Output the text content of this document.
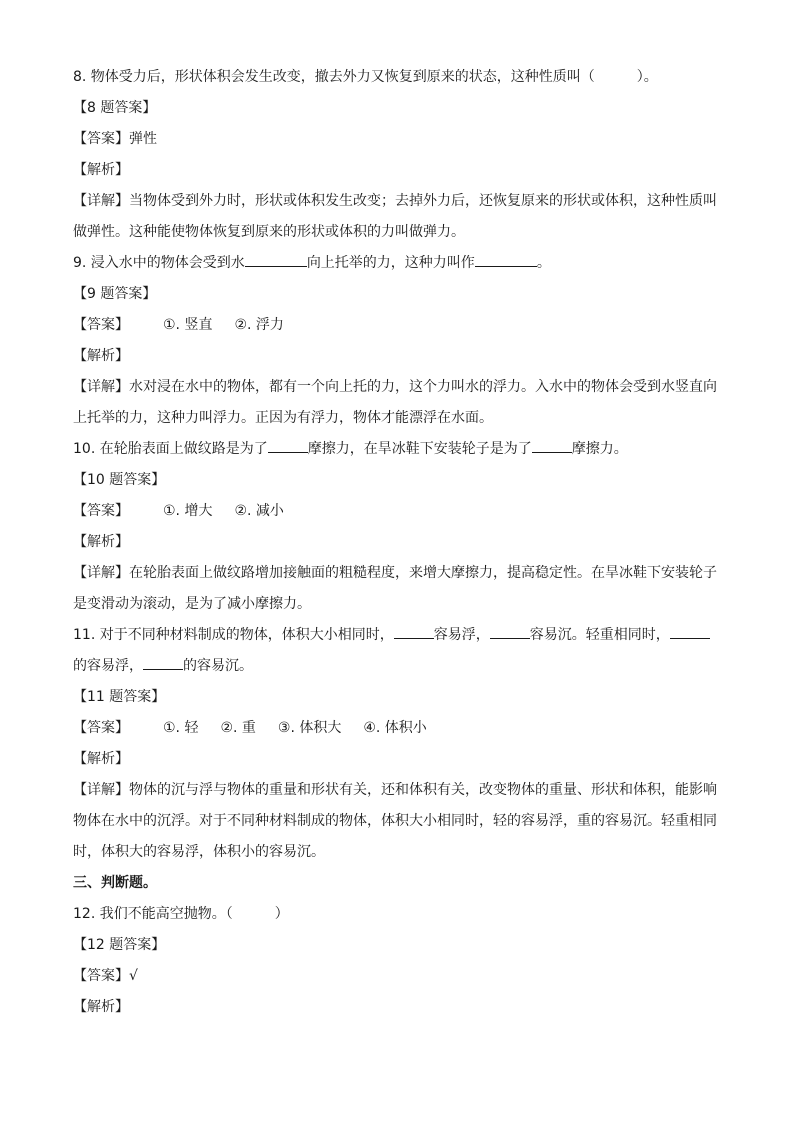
8. 物体受力后，形状体积会发生改变，撤去外力又恢复到原来的状态，这种性质叫（　　　）。
【8 题答案】
【答案】弹性
【解析】
【详解】当物体受到外力时，形状或体积发生改变；去掉外力后，还恢复原来的形状或体积，这种性质叫
做弹性。这种能使物体恢复到原来的形状或体积的力叫做弹力。
9. 浸入水中的物体会受到水	向上托举的力，这种力叫作	。
【9 题答案】
【答案】 ①. 竖直 ②. 浮力
【解析】
【详解】水对浸在水中的物体，都有一个向上托的力，这个力叫水的浮力。入水中的物体会受到水竖直向
上托举的力，这种力叫浮力。正因为有浮力，物体才能漂浮在水面。
10. 在轮胎表面上做纹路是为了	摩擦力，在旱冰鞋下安装轮子是为了	摩擦力。
【10 题答案】
【答案】 ①. 增大 ②. 减小
【解析】
【详解】在轮胎表面上做纹路增加接触面的粗糙程度，来增大摩擦力，提高稳定性。在旱冰鞋下安装轮子
是变滑动为滚动，是为了减小摩擦力。
11. 对于不同种材料制成的物体，体积大小相同时，	容易浮，	容易沉。轻重相同时，
的容易浮，	的容易沉。
【11 题答案】
【答案】 ①. 轻 ②. 重 ③. 体积大 ④. 体积小
【解析】
【详解】物体的沉与浮与物体的重量和形状有关，还和体积有关，改变物体的重量、形状和体积，能影响
物体在水中的沉浮。对于不同种材料制成的物体，体积大小相同时，轻的容易浮，重的容易沉。轻重相同
时，体积大的容易浮，体积小的容易沉。
三、判断题。
12. 我们不能高空抛物。（　　　）
【12 题答案】
【答案】√
【解析】
